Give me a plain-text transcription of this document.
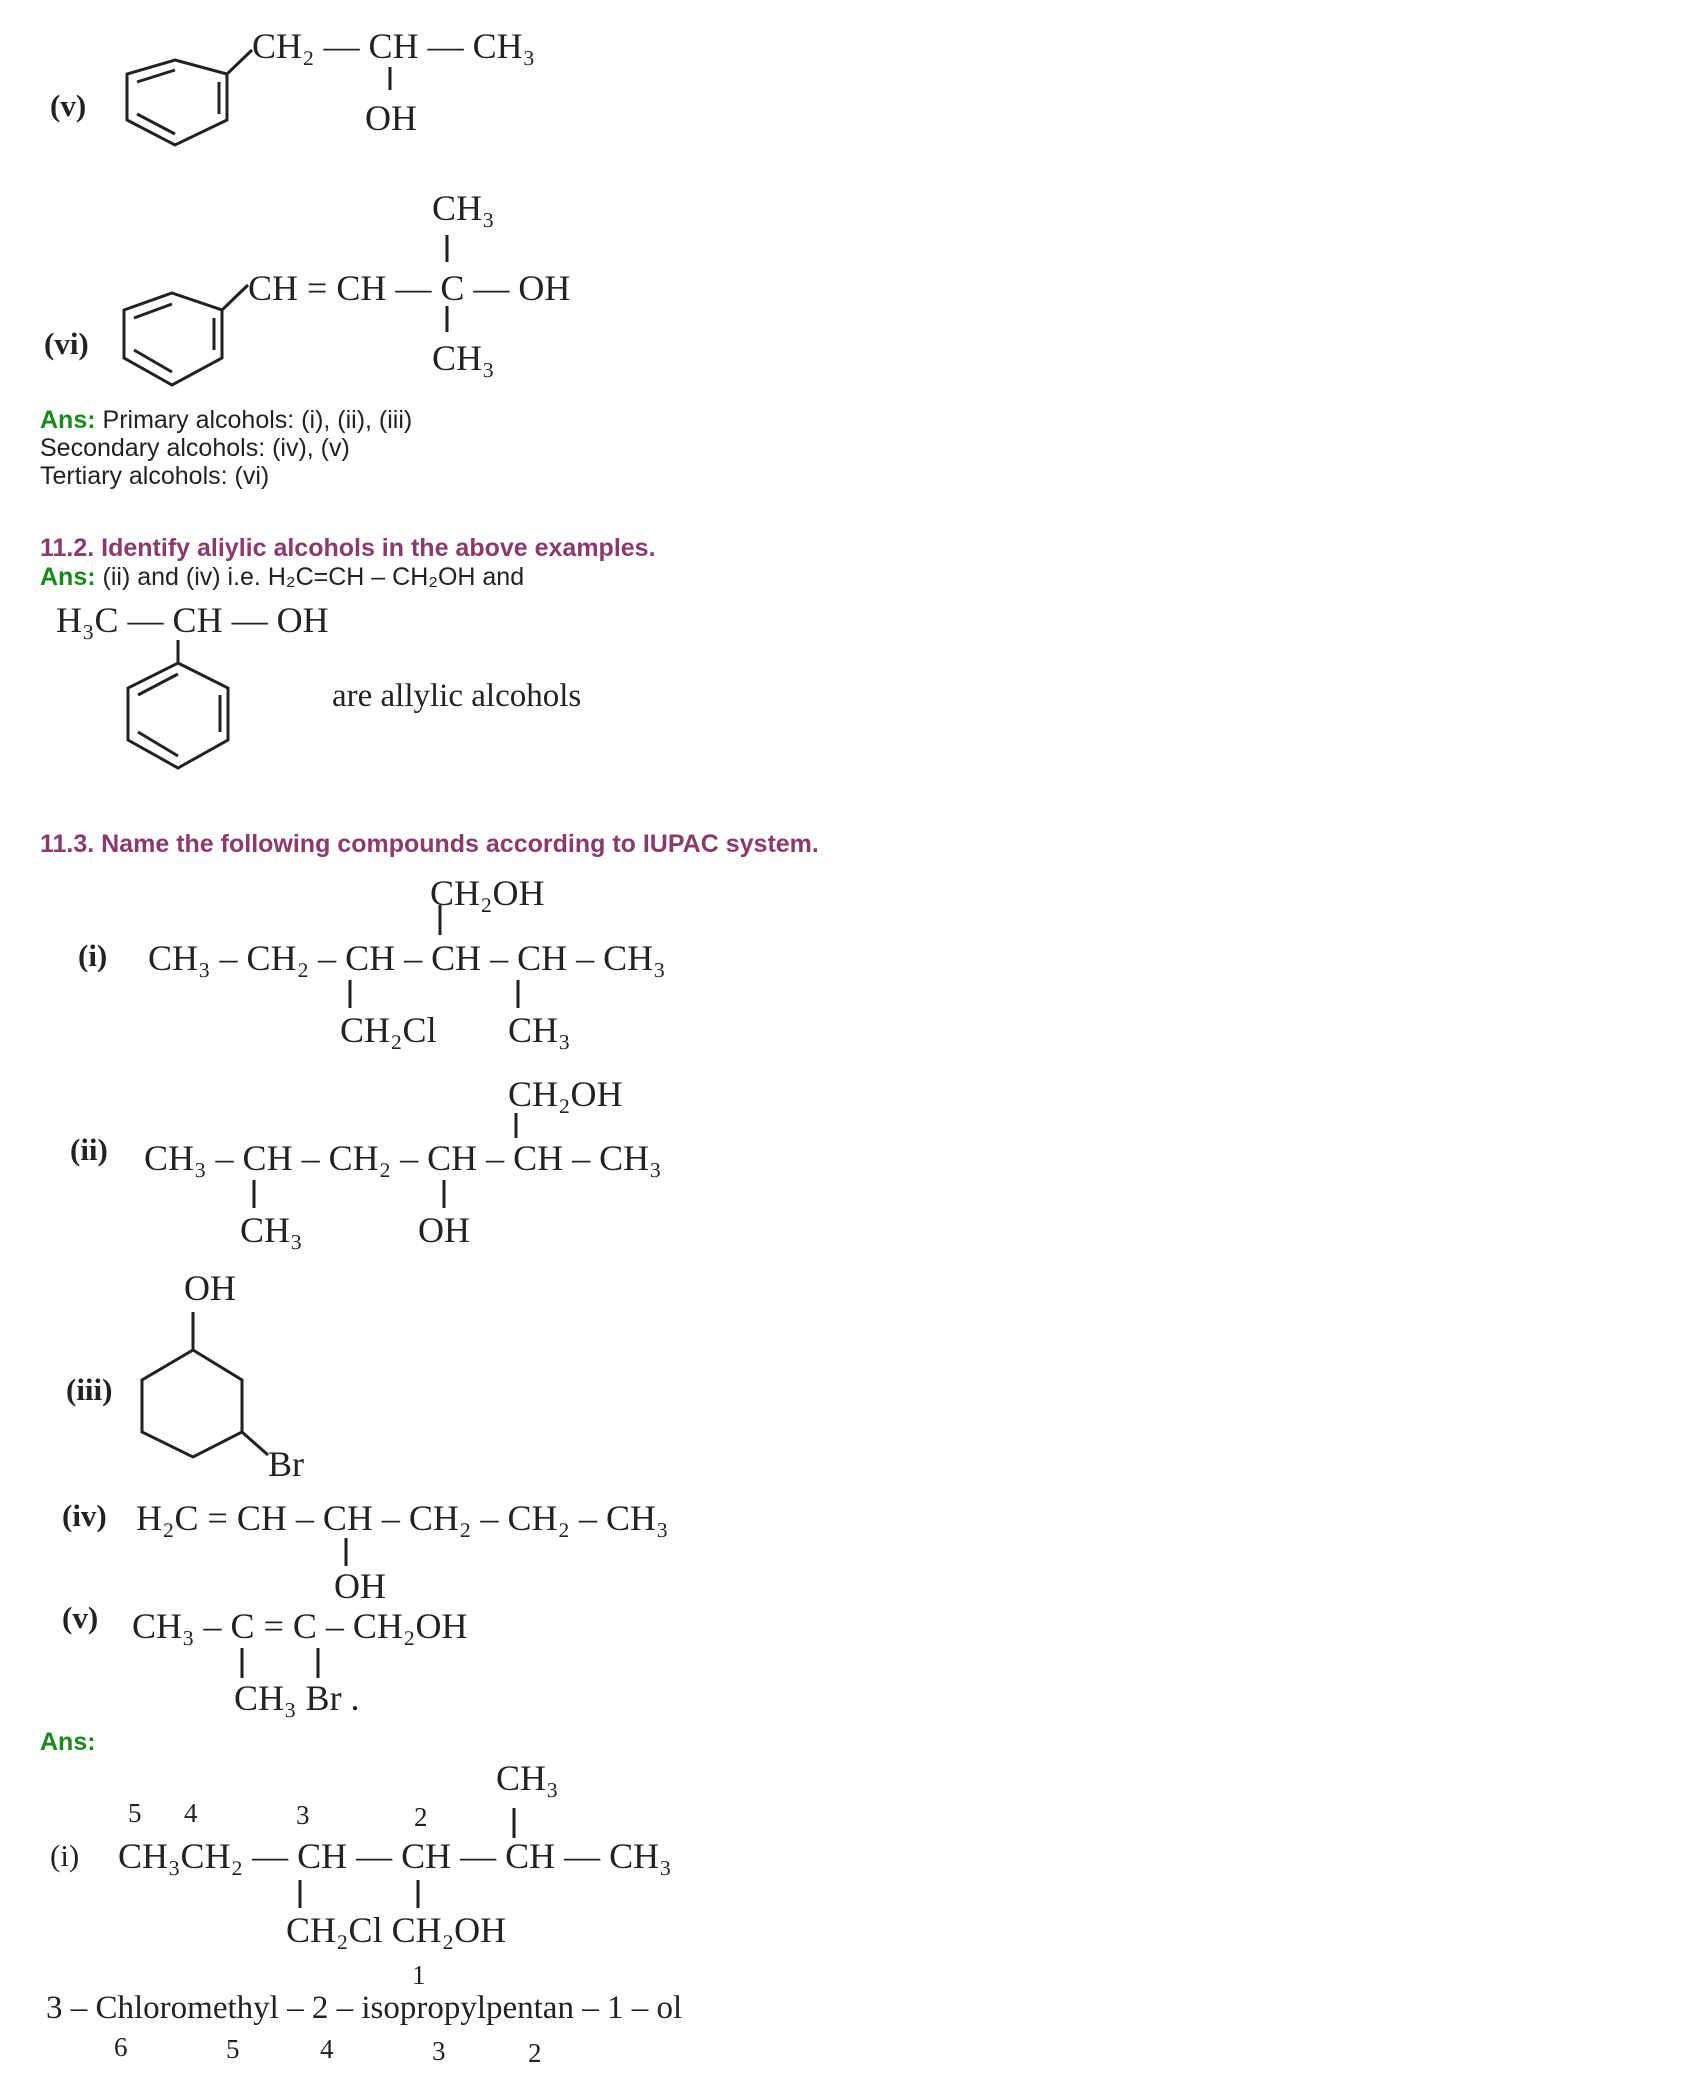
(v)
CH₂ — CH — CH₃
OH
CH₃
CH = CH — C — OH
CH₃
(vi)
Ans: Primary alcohols: (i), (ii), (iii)
Secondary alcohols: (iv), (v)
Tertiary alcohols: (vi)
11.2. Identify aliylic alcohols in the above examples.
Ans: (ii) and (iv) i.e. H₂C=CH – CH₂OH and
H₃C — CH — OH
are allylic alcohols
11.3. Name the following compounds according to IUPAC system.
CH₂OH
(i) CH₃ – CH₂ – CH – CH – CH – CH₃
CH₂Cl CH₃
CH₂OH
(ii) CH₃ – CH – CH₂ – CH – CH – CH₃
CH₃	OH
OH
(iii)
Br
(iv) H₂C = CH – CH – CH₂ – CH₂ – CH₃
OH
(v) CH₃ – C = C – CH₂OH
CH₃ Br .
Ans:
CH₃
5 4	3	2
(i) CH₃CH₂ — CH — CH — CH — CH₃
CH₂Cl CH₂OH
1
3 – Chloromethyl – 2 – isopropylpentan – 1 – ol
6	5	4	3	2
